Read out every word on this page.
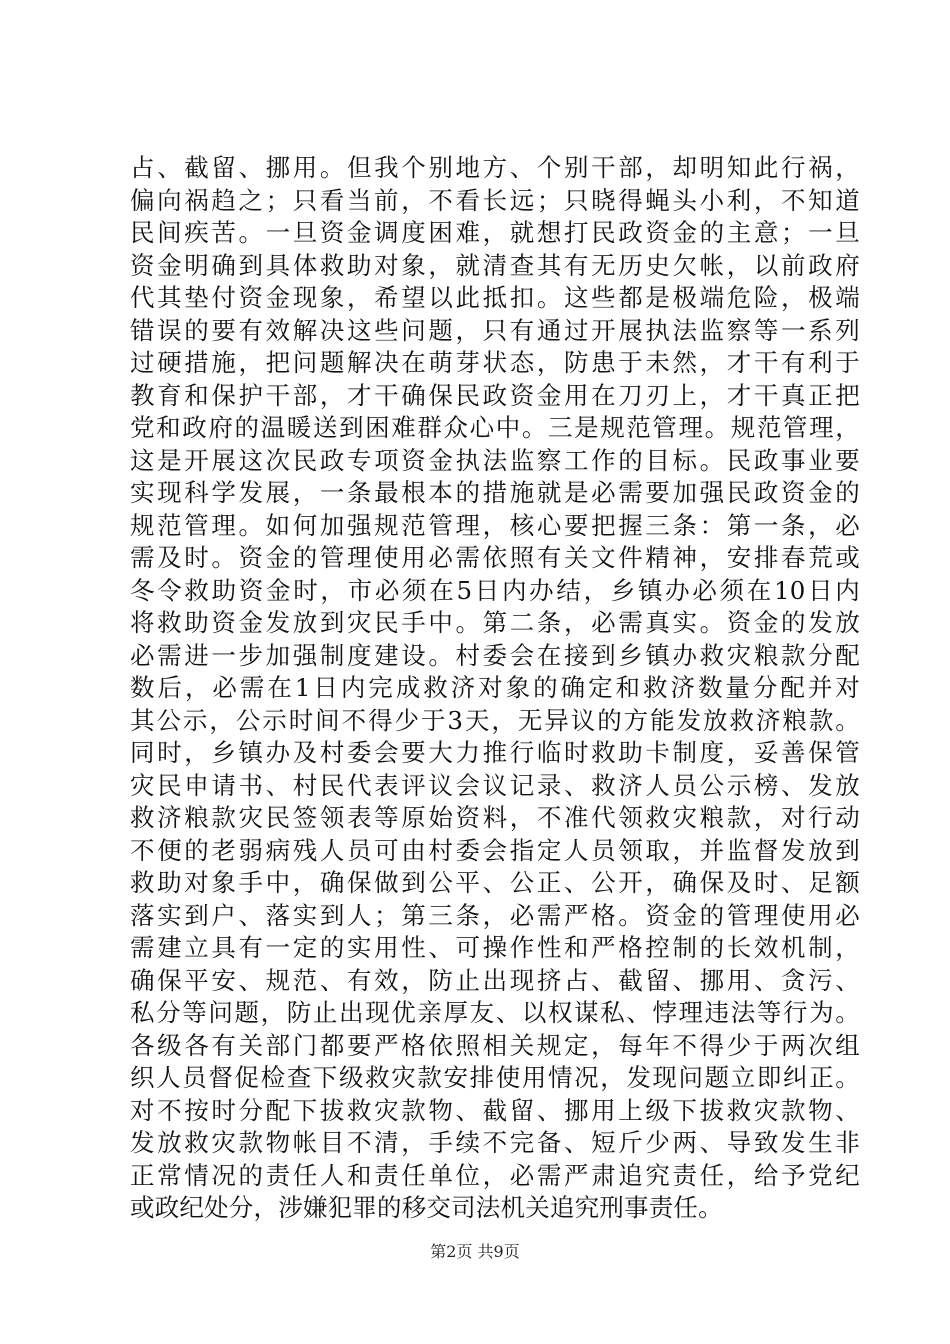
占、截留、挪用。但我个别地方、个别干部，却明知此行祸，
偏向祸趋之；只看当前，不看长远；只晓得蝇头小利，不知道
民间疾苦。一旦资金调度困难，就想打民政资金的主意；一旦
资金明确到具体救助对象，就清查其有无历史欠帐，以前政府
代其垫付资金现象，希望以此抵扣。这些都是极端危险，极端
错误的要有效解决这些问题，只有通过开展执法监察等一系列
过硬措施，把问题解决在萌芽状态，防患于未然，才干有利于
教育和保护干部，才干确保民政资金用在刀刃上，才干真正把
党和政府的温暖送到困难群众心中。三是规范管理。规范管理，
这是开展这次民政专项资金执法监察工作的目标。民政事业要
实现科学发展，一条最根本的措施就是必需要加强民政资金的
规范管理。如何加强规范管理，核心要把握三条：第一条，必
需及时。资金的管理使用必需依照有关文件精神，安排春荒或
冬令救助资金时，市必须在5日内办结，乡镇办必须在10日内
将救助资金发放到灾民手中。第二条，必需真实。资金的发放
必需进一步加强制度建设。村委会在接到乡镇办救灾粮款分配
数后，必需在1日内完成救济对象的确定和救济数量分配并对
其公示，公示时间不得少于3天，无异议的方能发放救济粮款。
同时，乡镇办及村委会要大力推行临时救助卡制度，妥善保管
灾民申请书、村民代表评议会议记录、救济人员公示榜、发放
救济粮款灾民签领表等原始资料，不准代领救灾粮款，对行动
不便的老弱病残人员可由村委会指定人员领取，并监督发放到
救助对象手中，确保做到公平、公正、公开，确保及时、足额
落实到户、落实到人；第三条，必需严格。资金的管理使用必
需建立具有一定的实用性、可操作性和严格控制的长效机制，
确保平安、规范、有效，防止出现挤占、截留、挪用、贪污、
私分等问题，防止出现优亲厚友、以权谋私、悖理违法等行为。
各级各有关部门都要严格依照相关规定，每年不得少于两次组
织人员督促检查下级救灾款安排使用情况，发现问题立即纠正。
对不按时分配下拔救灾款物、截留、挪用上级下拔救灾款物、
发放救灾款物帐目不清，手续不完备、短斤少两、导致发生非
正常情况的责任人和责任单位，必需严肃追究责任，给予党纪
或政纪处分，涉嫌犯罪的移交司法机关追究刑事责任。
第2页 共9页
